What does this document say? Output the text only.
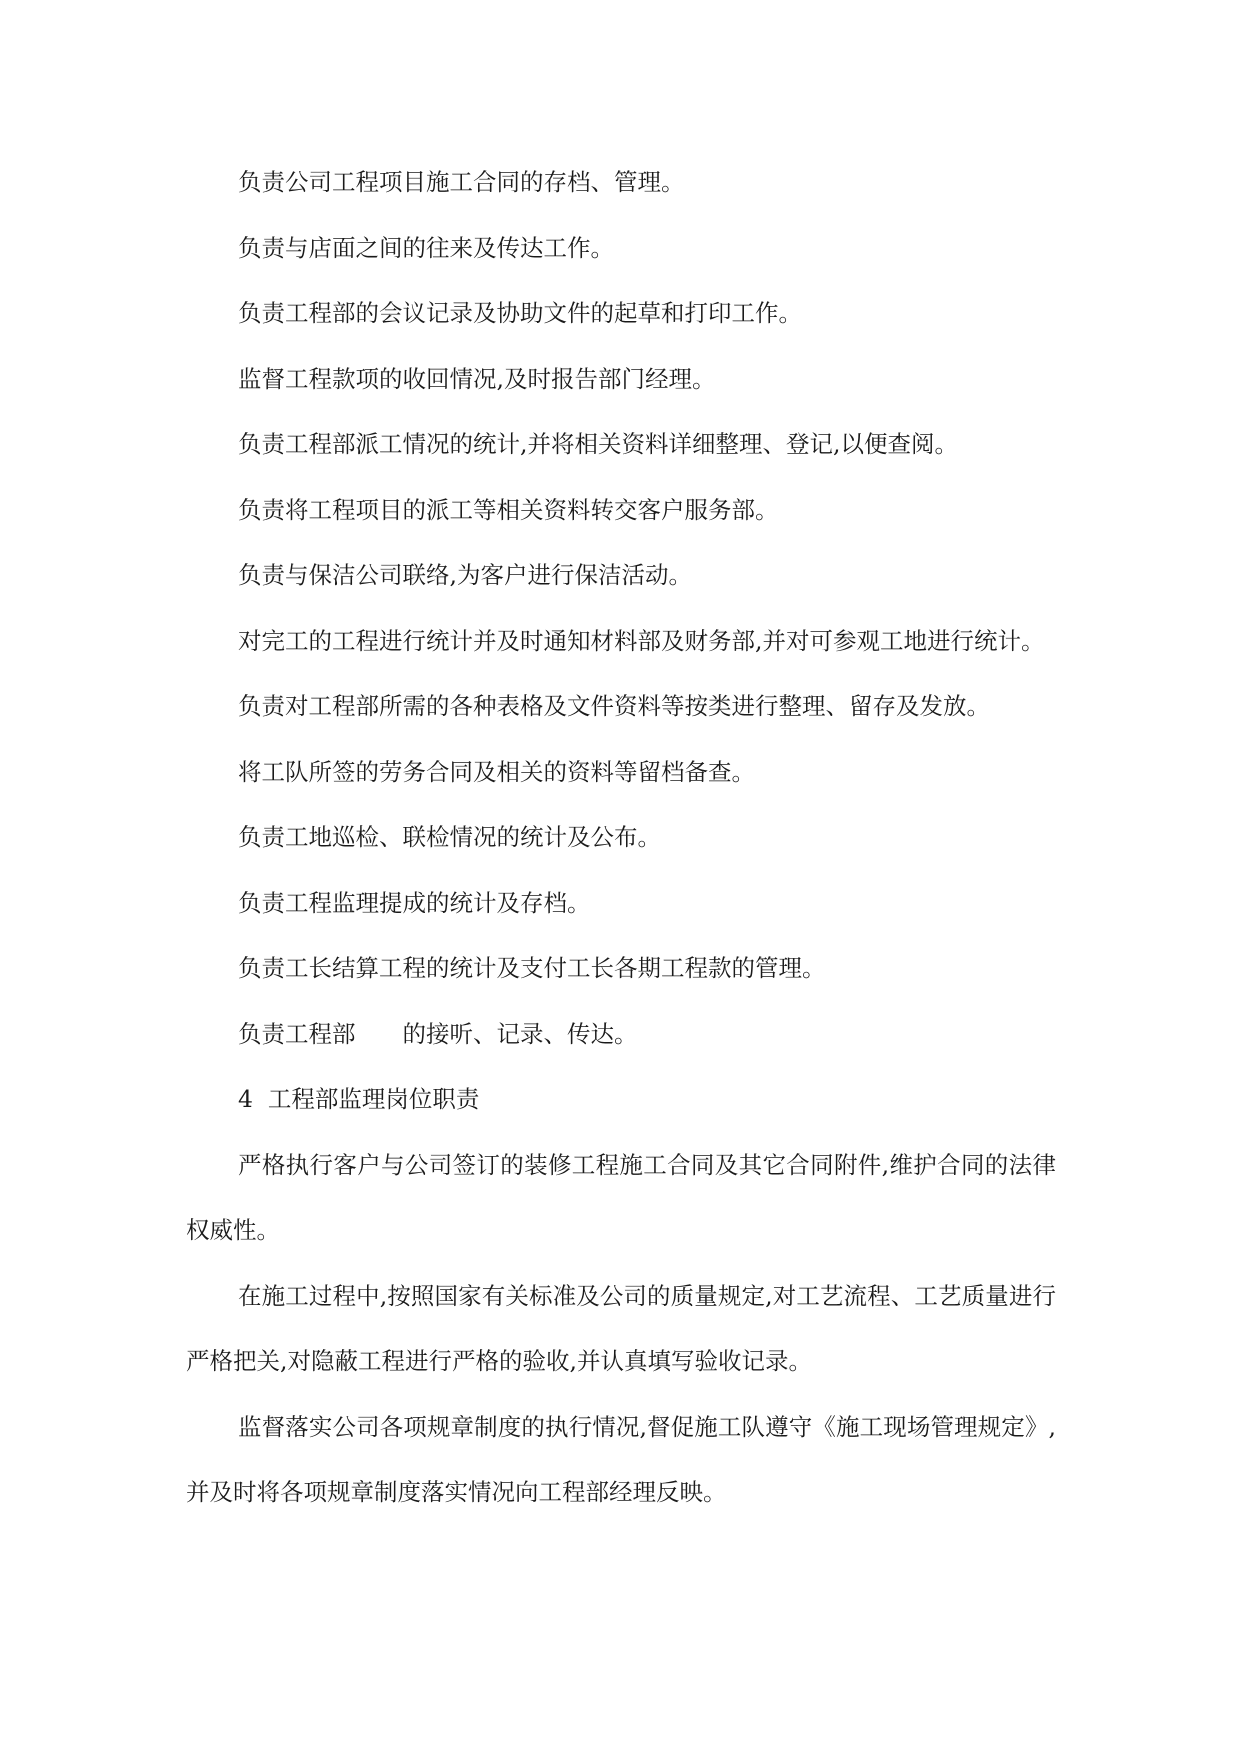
负责公司工程项目施工合同的存档、管理。

负责与店面之间的往来及传达工作。

负责工程部的会议记录及协助文件的起草和打印工作。

监督工程款项的收回情况,及时报告部门经理。

负责工程部派工情况的统计,并将相关资料详细整理、登记,以便查阅。

负责将工程项目的派工等相关资料转交客户服务部。

负责与保洁公司联络,为客户进行保洁活动。

对完工的工程进行统计并及时通知材料部及财务部,并对可参观工地进行统计。

负责对工程部所需的各种表格及文件资料等按类进行整理、留存及发放。

将工队所签的劳务合同及相关的资料等留档备查。

负责工地巡检、联检情况的统计及公布。

负责工程监理提成的统计及存档。

负责工长结算工程的统计及支付工长各期工程款的管理。

负责工程部　　的接听、记录、传达。

4  工程部监理岗位职责

严格执行客户与公司签订的装修工程施工合同及其它合同附件,维护合同的法律权威性。

在施工过程中,按照国家有关标准及公司的质量规定,对工艺流程、工艺质量进行严格把关,对隐蔽工程进行严格的验收,并认真填写验收记录。

监督落实公司各项规章制度的执行情况,督促施工队遵守《施工现场管理规定》,并及时将各项规章制度落实情况向工程部经理反映。
